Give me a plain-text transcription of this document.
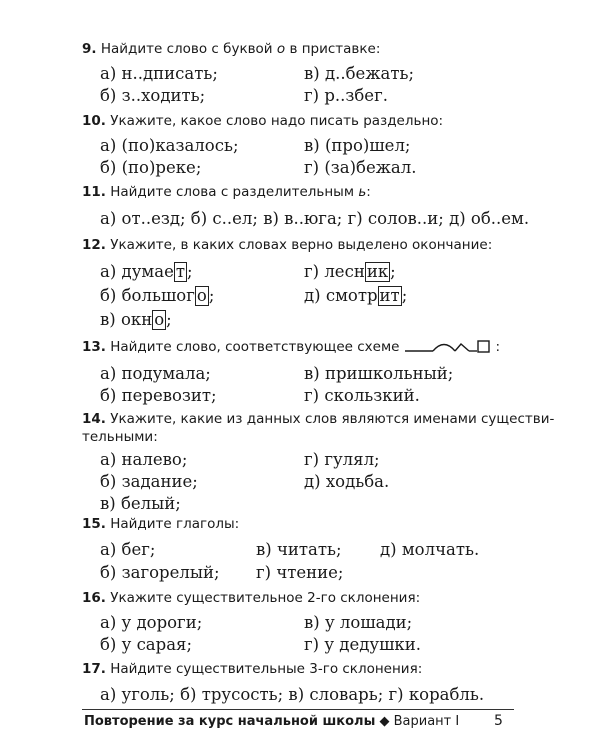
9. Найдите слово с буквой о в приставке:
а) н..дписать;	в) д..бежать;
б) з..ходить;	г) р..збег.
10. Укажите, какое слово надо писать раздельно:
а) (по)казалось;	в) (про)шел;
б) (по)реке;	г) (за)бежал.
11. Найдите слова с разделительным ь:
а) от..езд; б) с..ел; в) в..юга; г) солов..и; д) об..ем.
12. Укажите, в каких словах верно выделено окончание:
а) думае т ;	г) лесн ик ;
б) большог о ;	д) смотр ит ;
в) окн о ;
13. Найдите слово, соответствующее схеме	:
а) подумала;	в) пришкольный;
б) перевозит;	г) скользкий.
14. Укажите, какие из данных слов являются именами существи-
тельными:
а) налево;	г) гулял;
б) задание;	д) ходьба.
в) белый;
15. Найдите глаголы:
а) бег;	в) читать; д) молчать.
б) загорелый; г) чтение;
16. Укажите существительное 2-го склонения:
а) у дороги;	в) у лошади;
б) у сарая;	г) у дедушки.
17. Найдите существительные 3-го склонения:
а) уголь; б) трусость; в) словарь; г) корабль.
Повторение за курс начальной школы ◆ Вариант I 5
